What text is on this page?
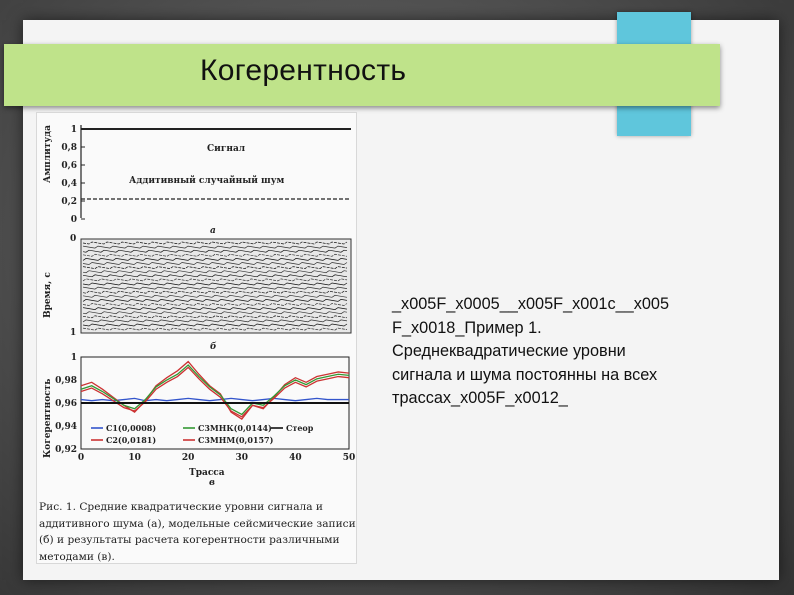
Когерентность
Амплитуда	Сигнал
Аддитивный случайный шум
а
Время, с
0
1
б
Когерентность
1
0,98
0,96
0,94
0,92
0	10	20	30	40	50
C1(0,0008)
C2(0,0181)
C3МНК(0,0144)
C3МНМ(0,0157)
Cтеор
Трасса
в
1
0,8
0,6
0,4
0,2
0
Рис. 1. Средние квадратические уровни сигнала и аддитивного шума (а), модельные сейсмические записи (б) и результаты расчета когерентности различными методами (в).
_x005F_x0005__x005F_x001c__x005
F_x0018_Пример 1.
Среднеквадратические уровни
сигнала и шума постоянны на всех
трассах_x005F_x0012_
